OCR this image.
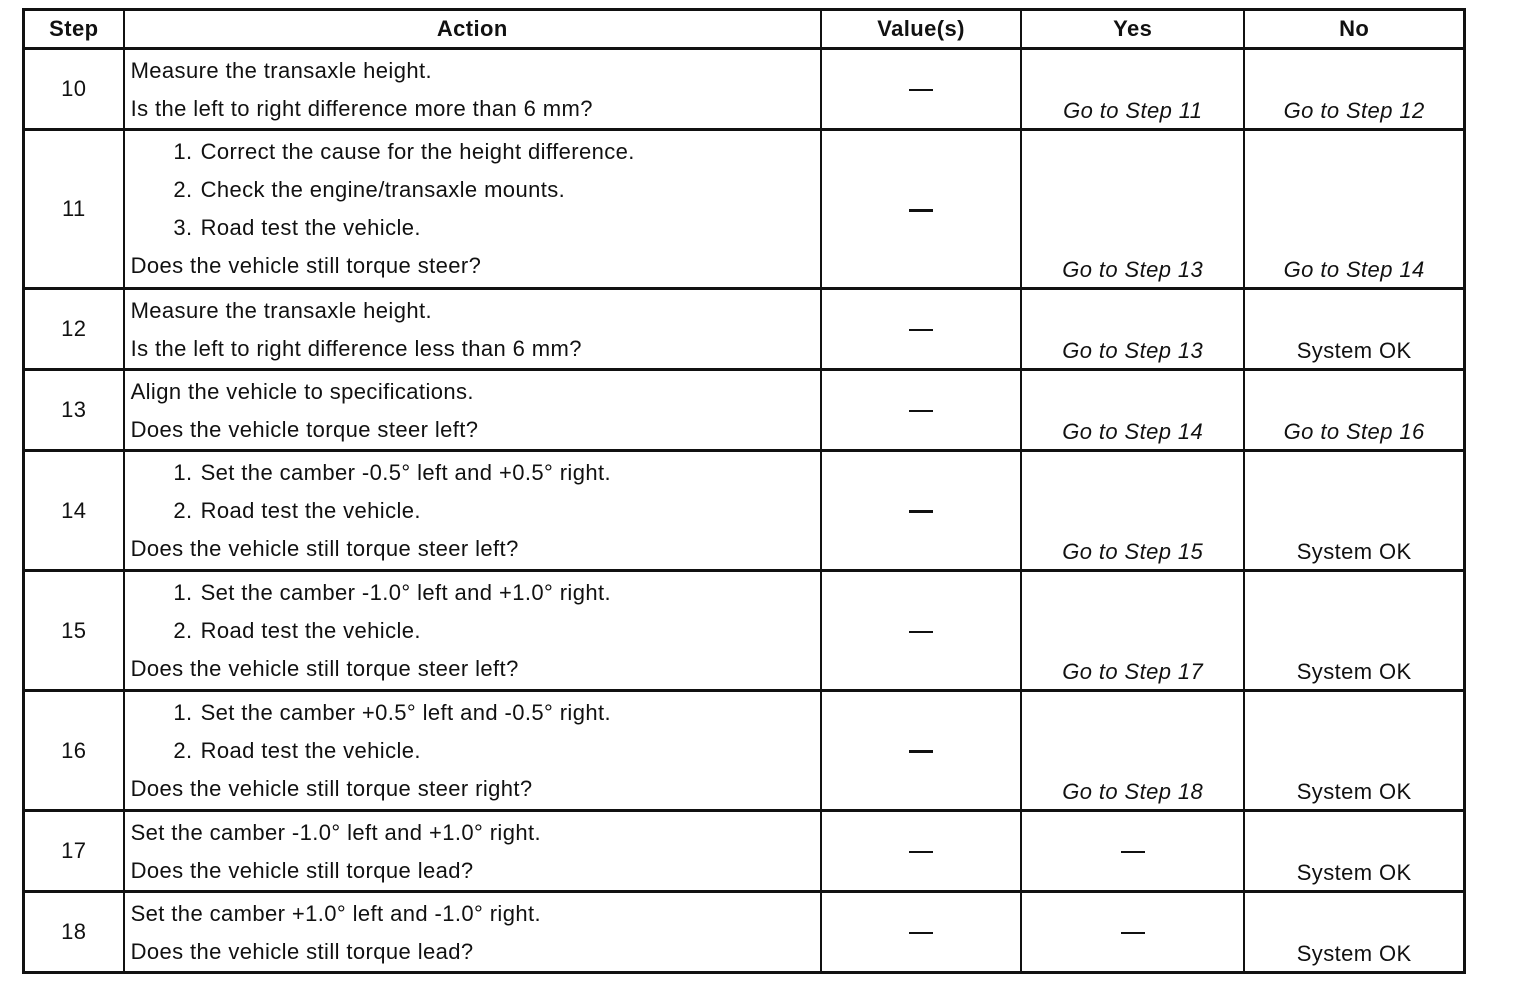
Step	Action	Value(s)	Yes	No
10	Measure the transaxle height.
Is the left to right difference more than 6 mm?		Go to Step 11	Go to Step 12
11	1. Correct the cause for the height difference.
2. Check the engine/transaxle mounts.
3. Road test the vehicle.
Does the vehicle still torque steer?		Go to Step 13	Go to Step 14
12	Measure the transaxle height.
Is the left to right difference less than 6 mm?		Go to Step 13	System OK
13	Align the vehicle to specifications.
Does the vehicle torque steer left?		Go to Step 14	Go to Step 16
14	1. Set the camber -0.5° left and +0.5° right.
2. Road test the vehicle.
Does the vehicle still torque steer left?		Go to Step 15	System OK
15	1. Set the camber -1.0° left and +1.0° right.
2. Road test the vehicle.
Does the vehicle still torque steer left?		Go to Step 17	System OK
16	1. Set the camber +0.5° left and -0.5° right.
2. Road test the vehicle.
Does the vehicle still torque steer right?		Go to Step 18	System OK
17	Set the camber -1.0° left and +1.0° right.
Does the vehicle still torque lead?			System OK
18	Set the camber +1.0° left and -1.0° right.
Does the vehicle still torque lead?			System OK
